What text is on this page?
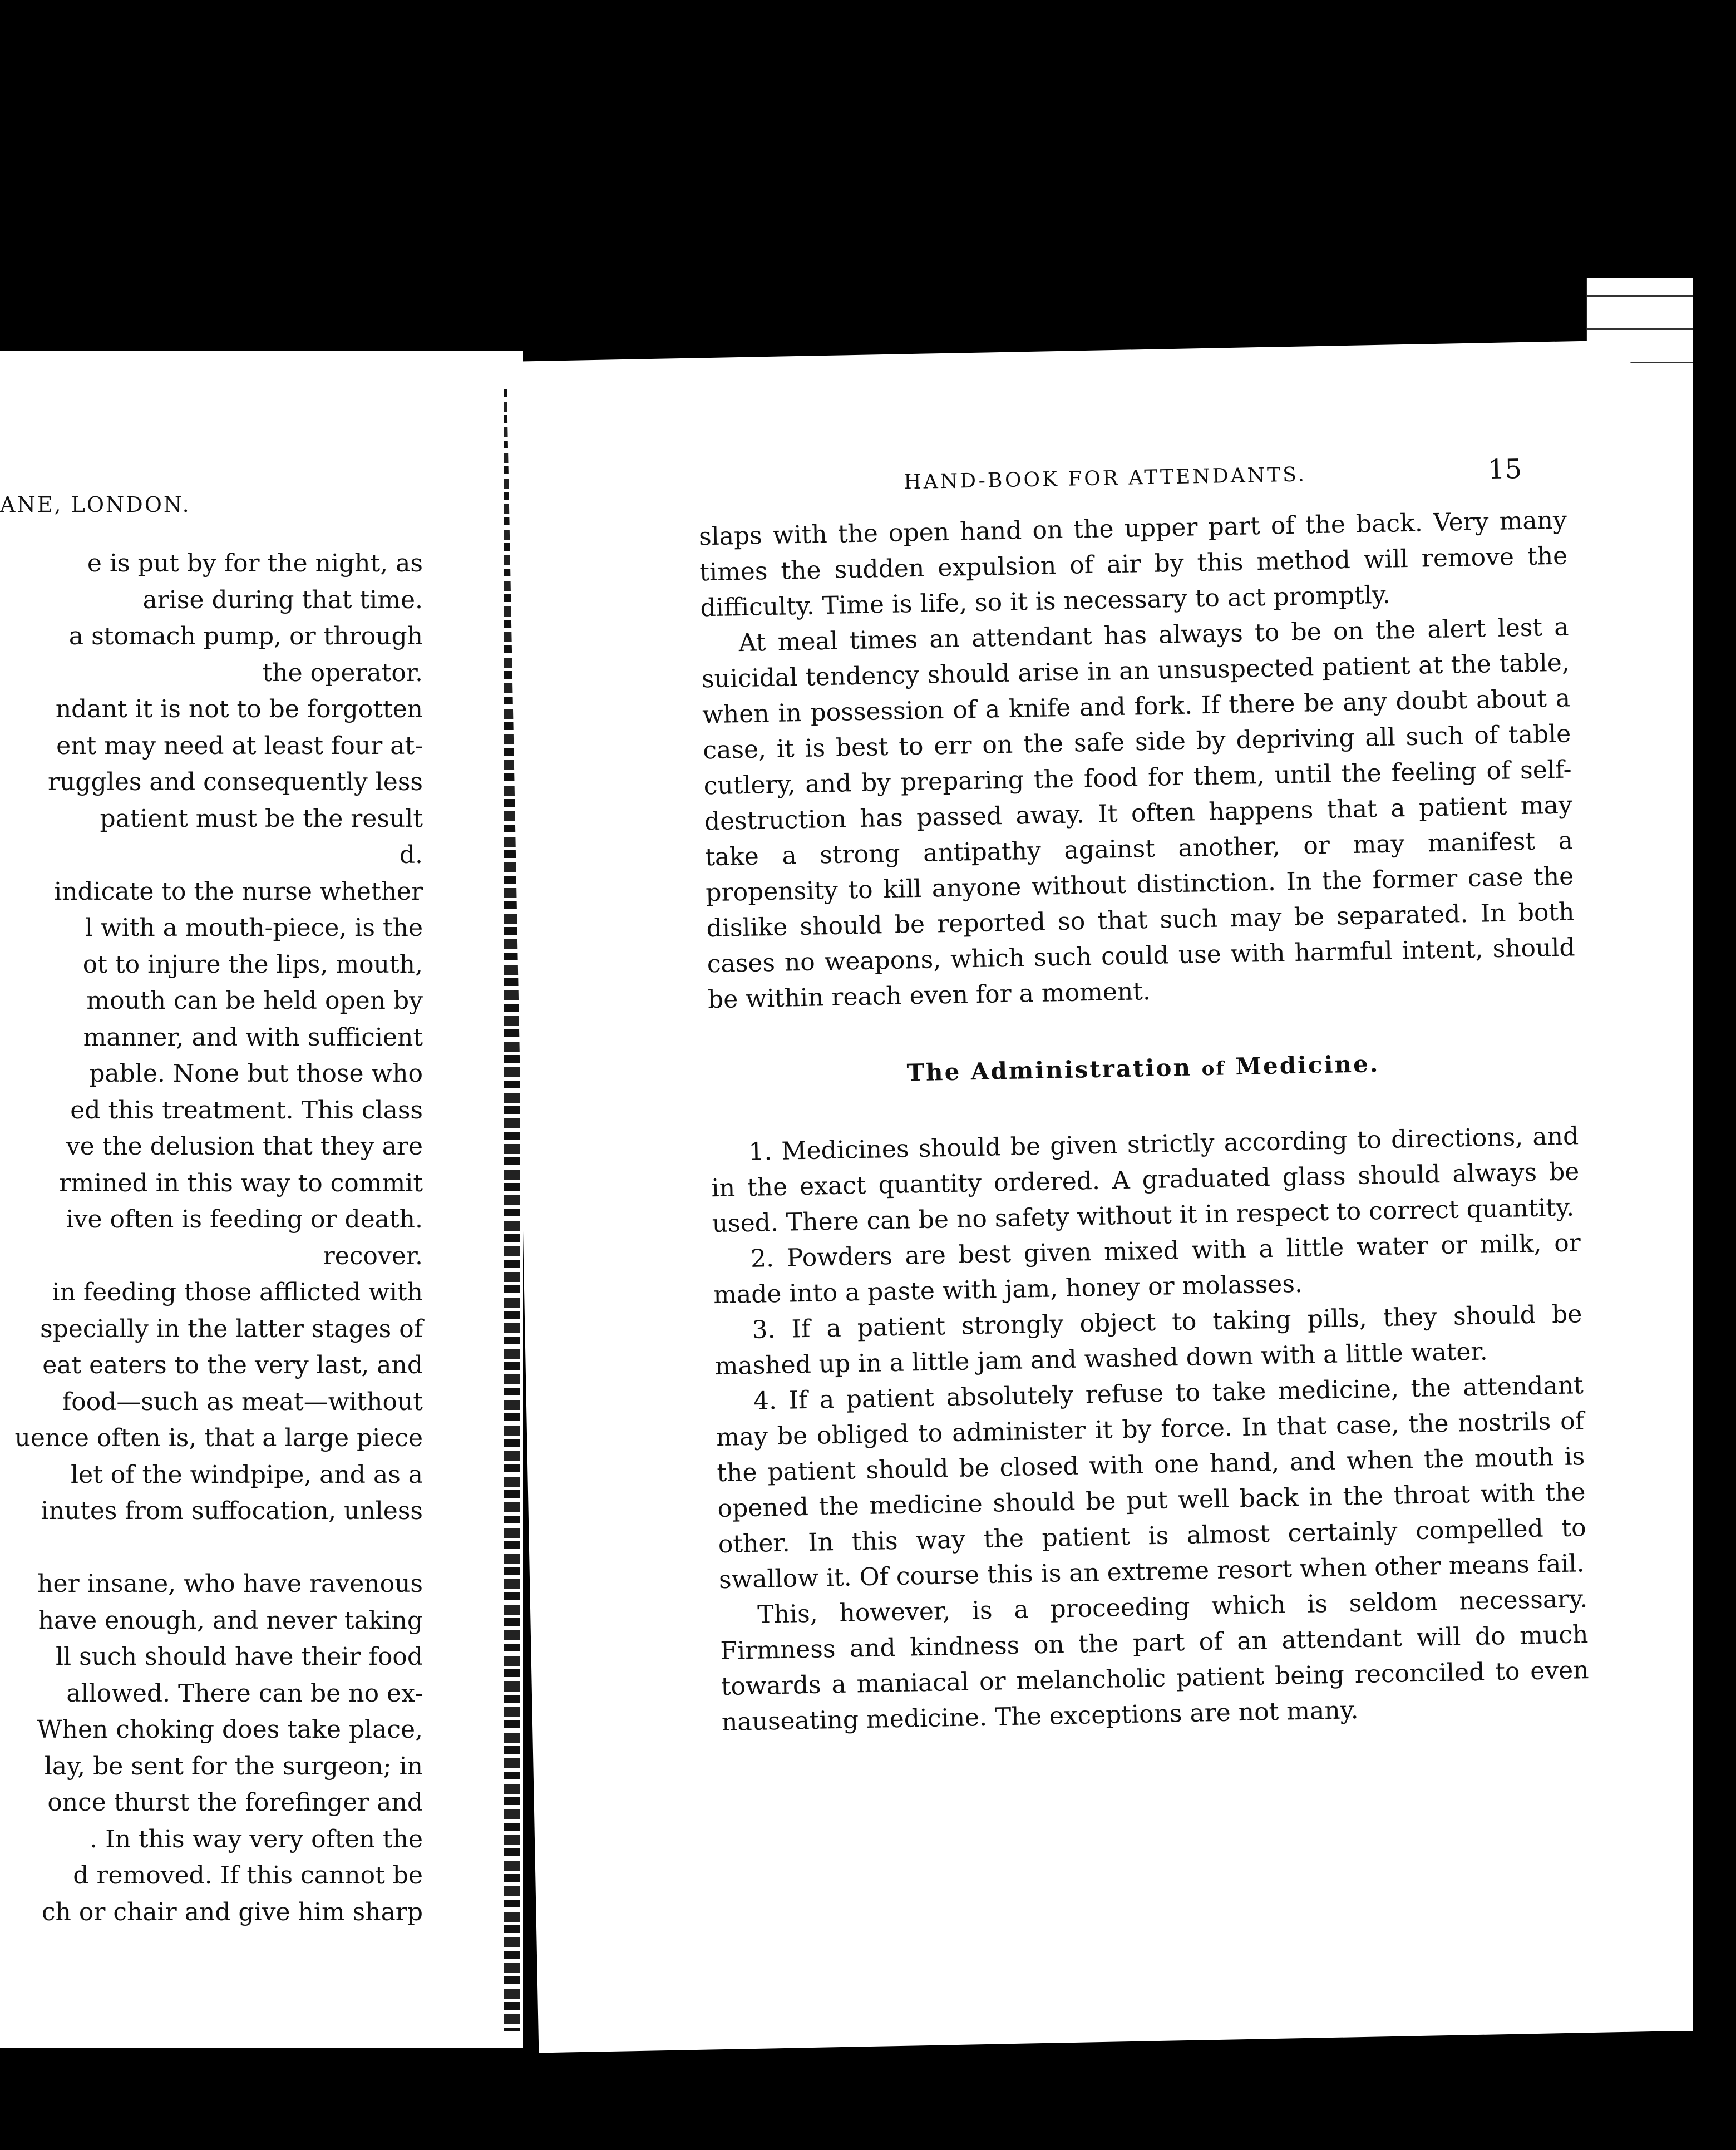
ANE, LONDON.
e is put by for the night, as
arise during that time.
a stomach pump, or through
the operator.
ndant it is not to be forgotten
ent may need at least four at-
ruggles and consequently less
patient must be the result
d.
indicate to the nurse whether
l with a mouth-piece, is the
ot to injure the lips, mouth,
mouth can be held open by
manner, and with sufficient
pable. None but those who
ed this treatment. This class
ve the delusion that they are
rmined in this way to commit
ive often is feeding or death.
recover.
in feeding those afflicted with
specially in the latter stages of
eat eaters to the very last, and
food—such as meat—without
uence often is, that a large piece
let of the windpipe, and as a
inutes from suffocation, unless
her insane, who have ravenous
have enough, and never taking
ll such should have their food
allowed. There can be no ex-
When choking does take place,
lay, be sent for the surgeon; in
once thurst the forefinger and
. In this way very often the
d removed. If this cannot be
ch or chair and give him sharp
HAND-BOOK FOR ATTENDANTS.	15

slaps with the open hand on the upper part of the back. Very many times the sudden expulsion of air by this method will remove the difficulty. Time is life, so it is necessary to act promptly.

At meal times an attendant has always to be on the alert lest a suicidal tendency should arise in an unsuspected patient at the table, when in possession of a knife and fork. If there be any doubt about a case, it is best to err on the safe side by depriving all such of table cutlery, and by preparing the food for them, until the feeling of self-destruction has passed away. It often happens that a patient may take a strong antipathy against another, or may manifest a propensity to kill anyone without distinction. In the former case the dislike should be reported so that such may be separated. In both cases no weapons, which such could use with harmful intent, should be within reach even for a moment.

The Administration of Medicine.

1. Medicines should be given strictly according to directions, and in the exact quantity ordered. A graduated glass should always be used. There can be no safety without it in respect to correct quantity.

2. Powders are best given mixed with a little water or milk, or made into a paste with jam, honey or molasses.

3. If a patient strongly object to taking pills, they should be mashed up in a little jam and washed down with a little water.

4. If a patient absolutely refuse to take medicine, the attendant may be obliged to administer it by force. In that case, the nostrils of the patient should be closed with one hand, and when the mouth is opened the medicine should be put well back in the throat with the other. In this way the patient is almost certainly compelled to swallow it. Of course this is an extreme resort when other means fail.

This, however, is a proceeding which is seldom necessary. Firmness and kindness on the part of an attendant will do much towards a maniacal or melancholic patient being reconciled to even nauseating medicine. The exceptions are not many.
